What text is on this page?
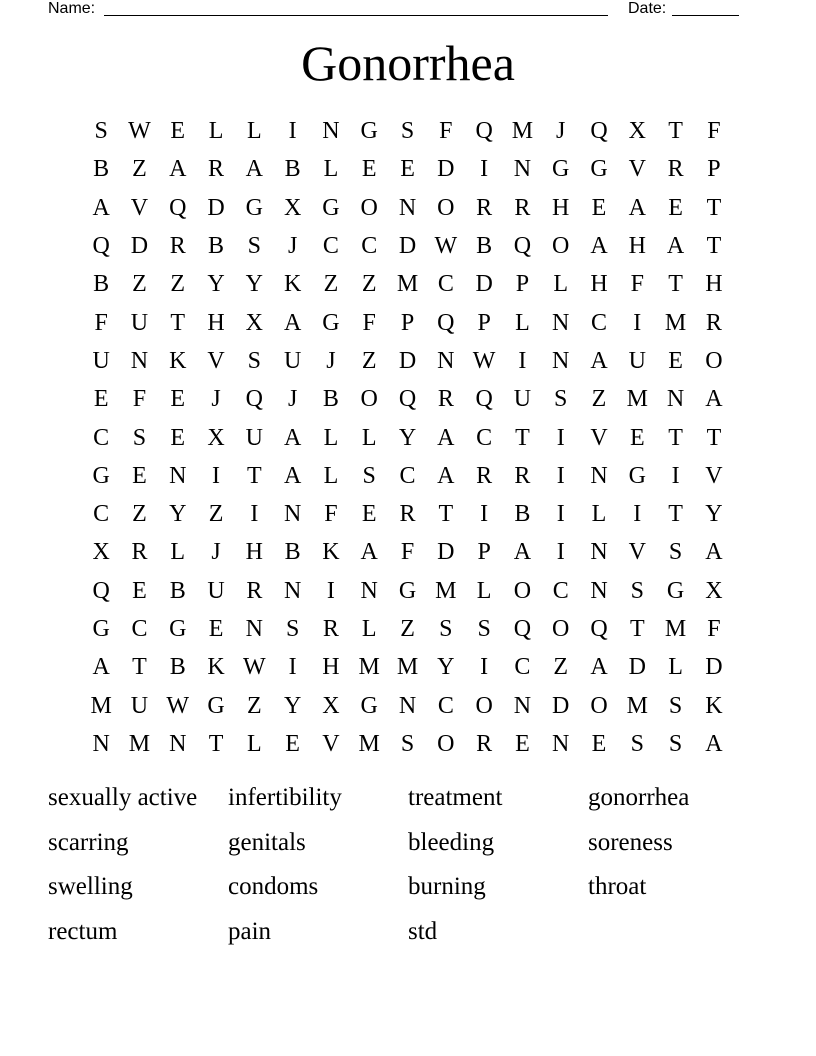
Name:	Date:
Gonorrhea
S W E L L	I	N G S	F Q M J	Q X T	F
B Z A R A B L E E D	I	N G G V R P
A V Q D G X G O N O R R H E A E T
Q D R B S	J	C C D W B Q O A H A T
B Z Z Y Y K Z Z M C D P	L H F	T H
F U T H X A G F	P Q P	L N C	I M R
U N K V S U	J	Z D N W I	N A U E O
E	F	E	J	Q	J	B O Q R Q U S	Z M N A
C S	E X U A L L Y A C T	I	V E T T
G E N	I	T A L	S C A R R	I	N G	I	V
C Z Y Z	I	N F	E R T	I	B	I	L	I	T Y
X R L	J	H B K A F D P A	I	N V S A
Q E B U R N	I	N G M L O C N S G X
G C G E N S R L Z	S	S Q O Q T M F
A T B K W I	H M M Y	I	C Z A D L D
M U W G Z Y X G N C O N D O M S K
N M N T L E V M S O R E N E	S	S A
sexually active	infertibility	treatment	gonorrhea
scarring	genitals	bleeding	soreness
swelling	condoms	burning	throat
rectum	pain	std
